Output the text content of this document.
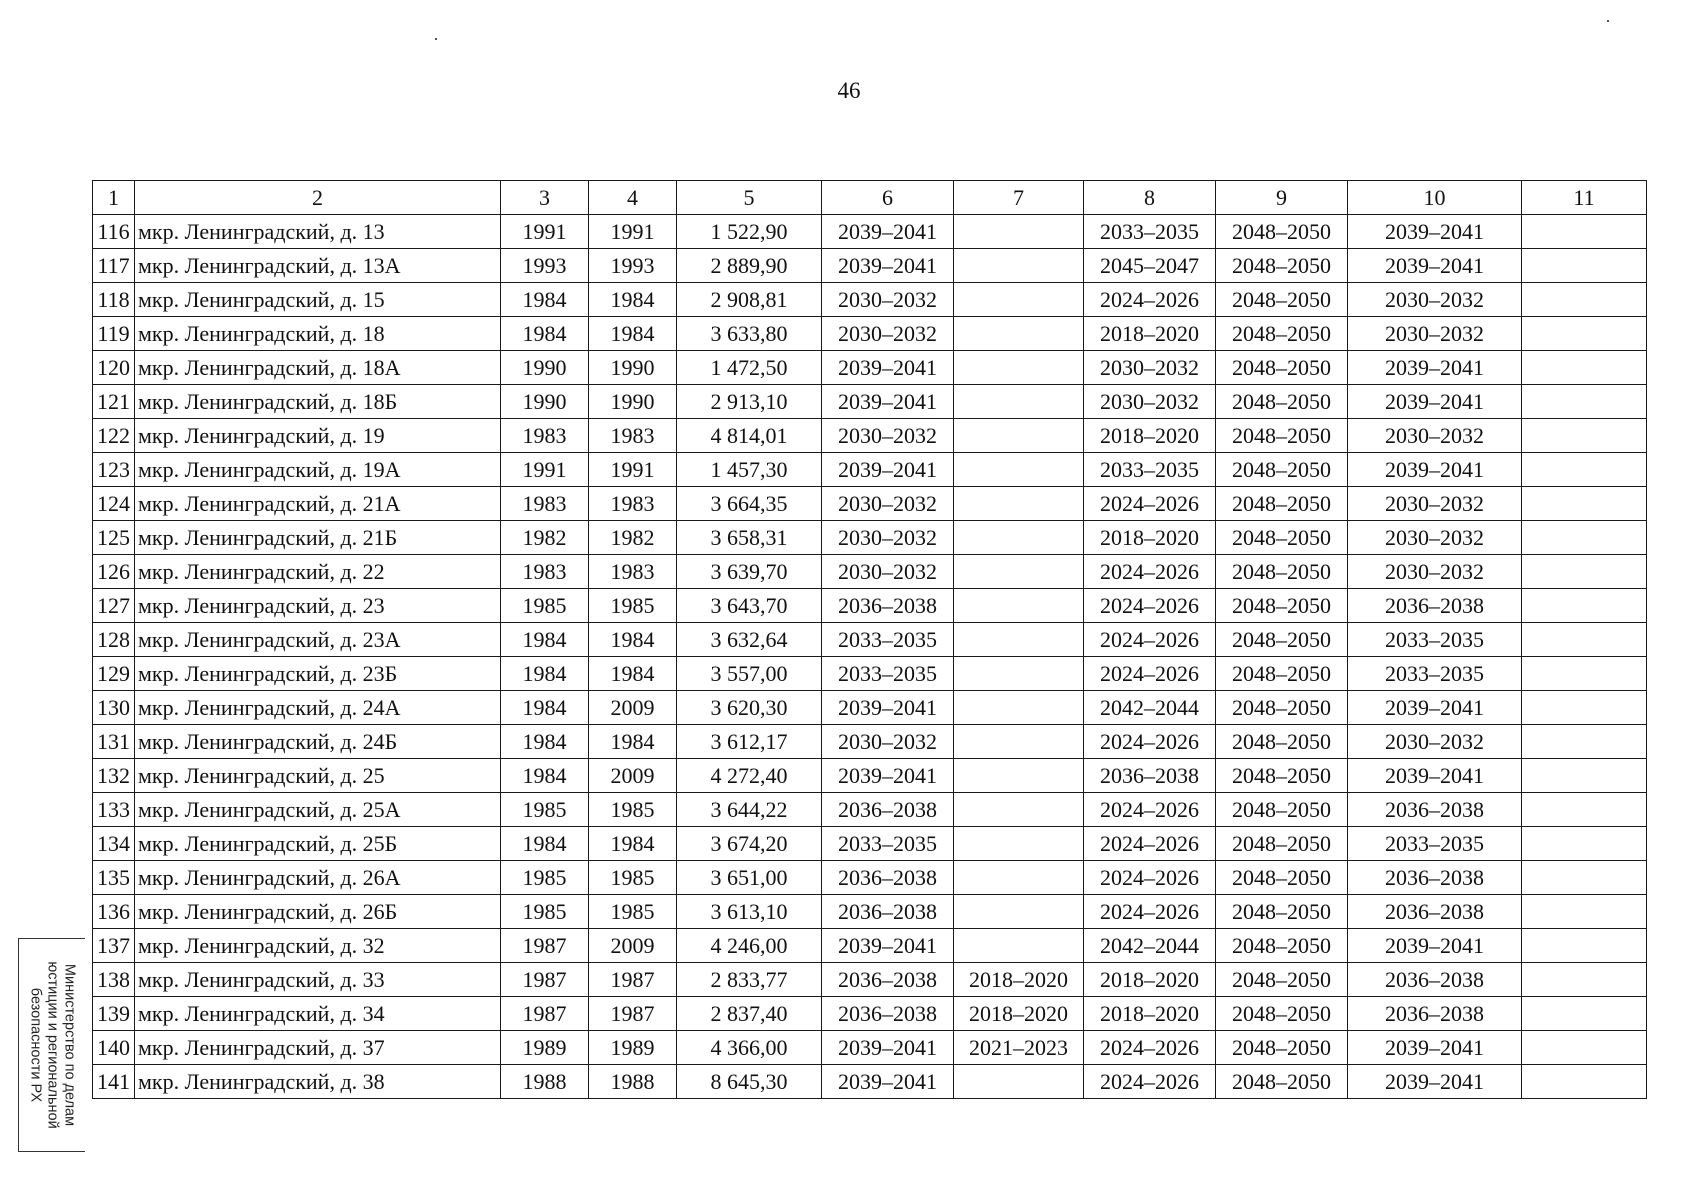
46
1	2	3	4	5	6	7	8	9	10	11
116	мкр. Ленинградский, д. 13	1991	1991	1 522,90	2039–2041		2033–2035	2048–2050	2039–2041	
117	мкр. Ленинградский, д. 13А	1993	1993	2 889,90	2039–2041		2045–2047	2048–2050	2039–2041	
118	мкр. Ленинградский, д. 15	1984	1984	2 908,81	2030–2032		2024–2026	2048–2050	2030–2032	
119	мкр. Ленинградский, д. 18	1984	1984	3 633,80	2030–2032		2018–2020	2048–2050	2030–2032	
120	мкр. Ленинградский, д. 18А	1990	1990	1 472,50	2039–2041		2030–2032	2048–2050	2039–2041	
121	мкр. Ленинградский, д. 18Б	1990	1990	2 913,10	2039–2041		2030–2032	2048–2050	2039–2041	
122	мкр. Ленинградский, д. 19	1983	1983	4 814,01	2030–2032		2018–2020	2048–2050	2030–2032	
123	мкр. Ленинградский, д. 19А	1991	1991	1 457,30	2039–2041		2033–2035	2048–2050	2039–2041	
124	мкр. Ленинградский, д. 21А	1983	1983	3 664,35	2030–2032		2024–2026	2048–2050	2030–2032	
125	мкр. Ленинградский, д. 21Б	1982	1982	3 658,31	2030–2032		2018–2020	2048–2050	2030–2032	
126	мкр. Ленинградский, д. 22	1983	1983	3 639,70	2030–2032		2024–2026	2048–2050	2030–2032	
127	мкр. Ленинградский, д. 23	1985	1985	3 643,70	2036–2038		2024–2026	2048–2050	2036–2038	
128	мкр. Ленинградский, д. 23А	1984	1984	3 632,64	2033–2035		2024–2026	2048–2050	2033–2035	
129	мкр. Ленинградский, д. 23Б	1984	1984	3 557,00	2033–2035		2024–2026	2048–2050	2033–2035	
130	мкр. Ленинградский, д. 24А	1984	2009	3 620,30	2039–2041		2042–2044	2048–2050	2039–2041	
131	мкр. Ленинградский, д. 24Б	1984	1984	3 612,17	2030–2032		2024–2026	2048–2050	2030–2032	
132	мкр. Ленинградский, д. 25	1984	2009	4 272,40	2039–2041		2036–2038	2048–2050	2039–2041	
133	мкр. Ленинградский, д. 25А	1985	1985	3 644,22	2036–2038		2024–2026	2048–2050	2036–2038	
134	мкр. Ленинградский, д. 25Б	1984	1984	3 674,20	2033–2035		2024–2026	2048–2050	2033–2035	
135	мкр. Ленинградский, д. 26А	1985	1985	3 651,00	2036–2038		2024–2026	2048–2050	2036–2038	
136	мкр. Ленинградский, д. 26Б	1985	1985	3 613,10	2036–2038		2024–2026	2048–2050	2036–2038	
137	мкр. Ленинградский, д. 32	1987	2009	4 246,00	2039–2041		2042–2044	2048–2050	2039–2041	
138	мкр. Ленинградский, д. 33	1987	1987	2 833,77	2036–2038	2018–2020	2018–2020	2048–2050	2036–2038	
139	мкр. Ленинградский, д. 34	1987	1987	2 837,40	2036–2038	2018–2020	2018–2020	2048–2050	2036–2038	
140	мкр. Ленинградский, д. 37	1989	1989	4 366,00	2039–2041	2021–2023	2024–2026	2048–2050	2039–2041	
141	мкр. Ленинградский, д. 38	1988	1988	8 645,30	2039–2041		2024–2026	2048–2050	2039–2041	
Министерство по делам
юстиции и региональной
безопасности РХ
